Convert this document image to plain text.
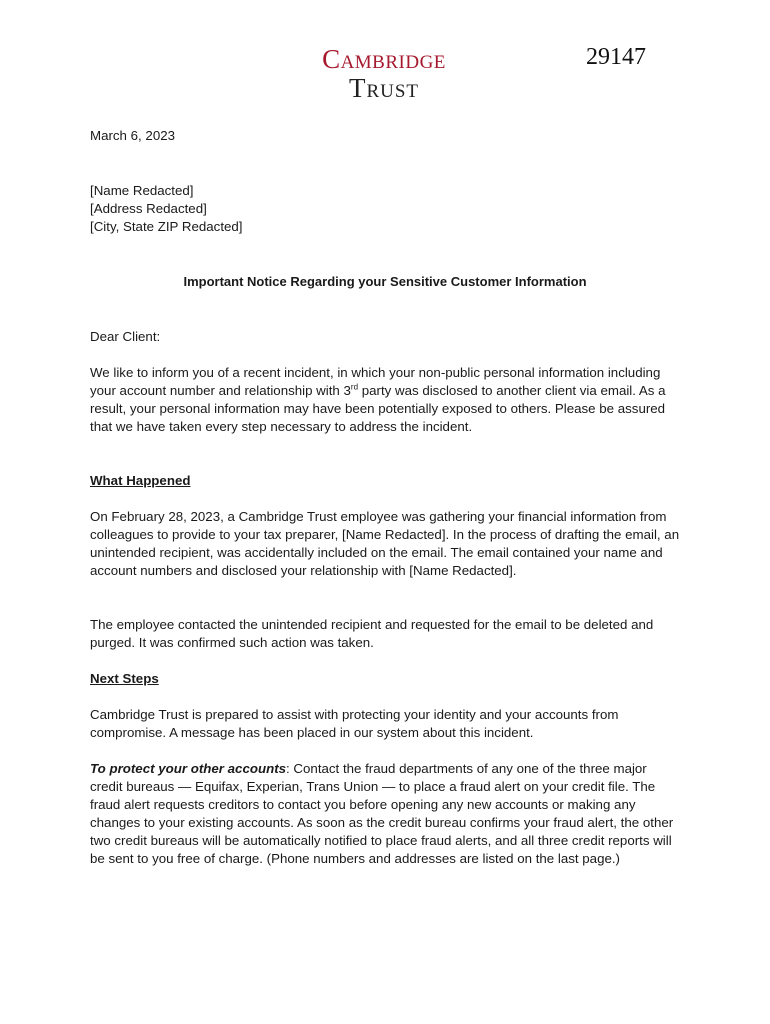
Cambridge
Trust
29147
March 6, 2023
[Name Redacted]
[Address Redacted]
[City, State ZIP Redacted]
Important Notice Regarding your Sensitive Customer Information
Dear Client:
We like to inform you of a recent incident, in which your non-public personal information including your account number and relationship with 3rd party was disclosed to another client via email. As a result, your personal information may have been potentially exposed to others. Please be assured that we have taken every step necessary to address the incident.
What Happened
On February 28, 2023, a Cambridge Trust employee was gathering your financial information from colleagues to provide to your tax preparer, [Name Redacted]. In the process of drafting the email, an unintended recipient, was accidentally included on the email. The email contained your name and account numbers and disclosed your relationship with [Name Redacted].
The employee contacted the unintended recipient and requested for the email to be deleted and purged. It was confirmed such action was taken.
Next Steps
Cambridge Trust is prepared to assist with protecting your identity and your accounts from compromise. A message has been placed in our system about this incident.
To protect your other accounts: Contact the fraud departments of any one of the three major credit bureaus — Equifax, Experian, Trans Union — to place a fraud alert on your credit file. The fraud alert requests creditors to contact you before opening any new accounts or making any changes to your existing accounts. As soon as the credit bureau confirms your fraud alert, the other two credit bureaus will be automatically notified to place fraud alerts, and all three credit reports will be sent to you free of charge. (Phone numbers and addresses are listed on the last page.)
